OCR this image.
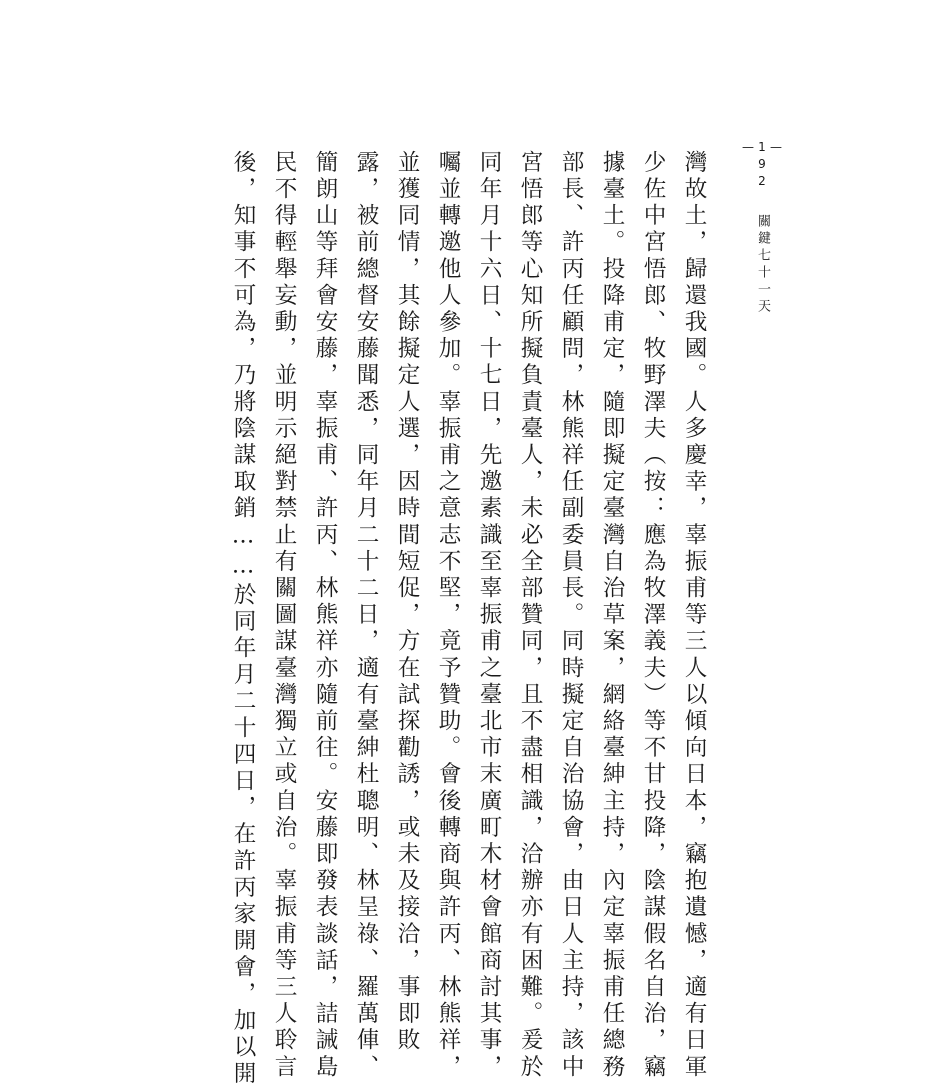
—192—
關鍵七十一天
灣故土，歸還我國。人多慶幸，辜振甫等三人以傾向日本，竊抱遺憾，適有日軍
少佐中宮悟郎、牧野澤夫（按：應為牧澤義夫）等不甘投降，陰謀假名自治，竊
據臺土。投降甫定，隨即擬定臺灣自治草案，網絡臺紳主持，內定辜振甫任總務
部長、許丙任顧問，林熊祥任副委員長。同時擬定自治協會，由日人主持，該中
宮悟郎等心知所擬負責臺人，未必全部贊同，且不盡相識，洽辦亦有困難。爰於
同年月十六日、十七日，先邀素識至辜振甫之臺北市末廣町木材會館商討其事，
囑並轉邀他人參加。辜振甫之意志不堅，竟予贊助。會後轉商與許丙、林熊祥，
並獲同情，其餘擬定人選，因時間短促，方在試探勸誘，或未及接洽，事即敗
露，被前總督安藤聞悉，同年月二十二日，適有臺紳杜聰明、林呈祿、羅萬俥、
簡朗山等拜會安藤，辜振甫、許丙、林熊祥亦隨前往。安藤即發表談話，詰誡島
民不得輕舉妄動，並明示絕對禁止有關圖謀臺灣獨立或自治。辜振甫等三人聆言
後，知事不可為，乃將陰謀取銷……於同年月二十四日，在許丙家開會，加以開
